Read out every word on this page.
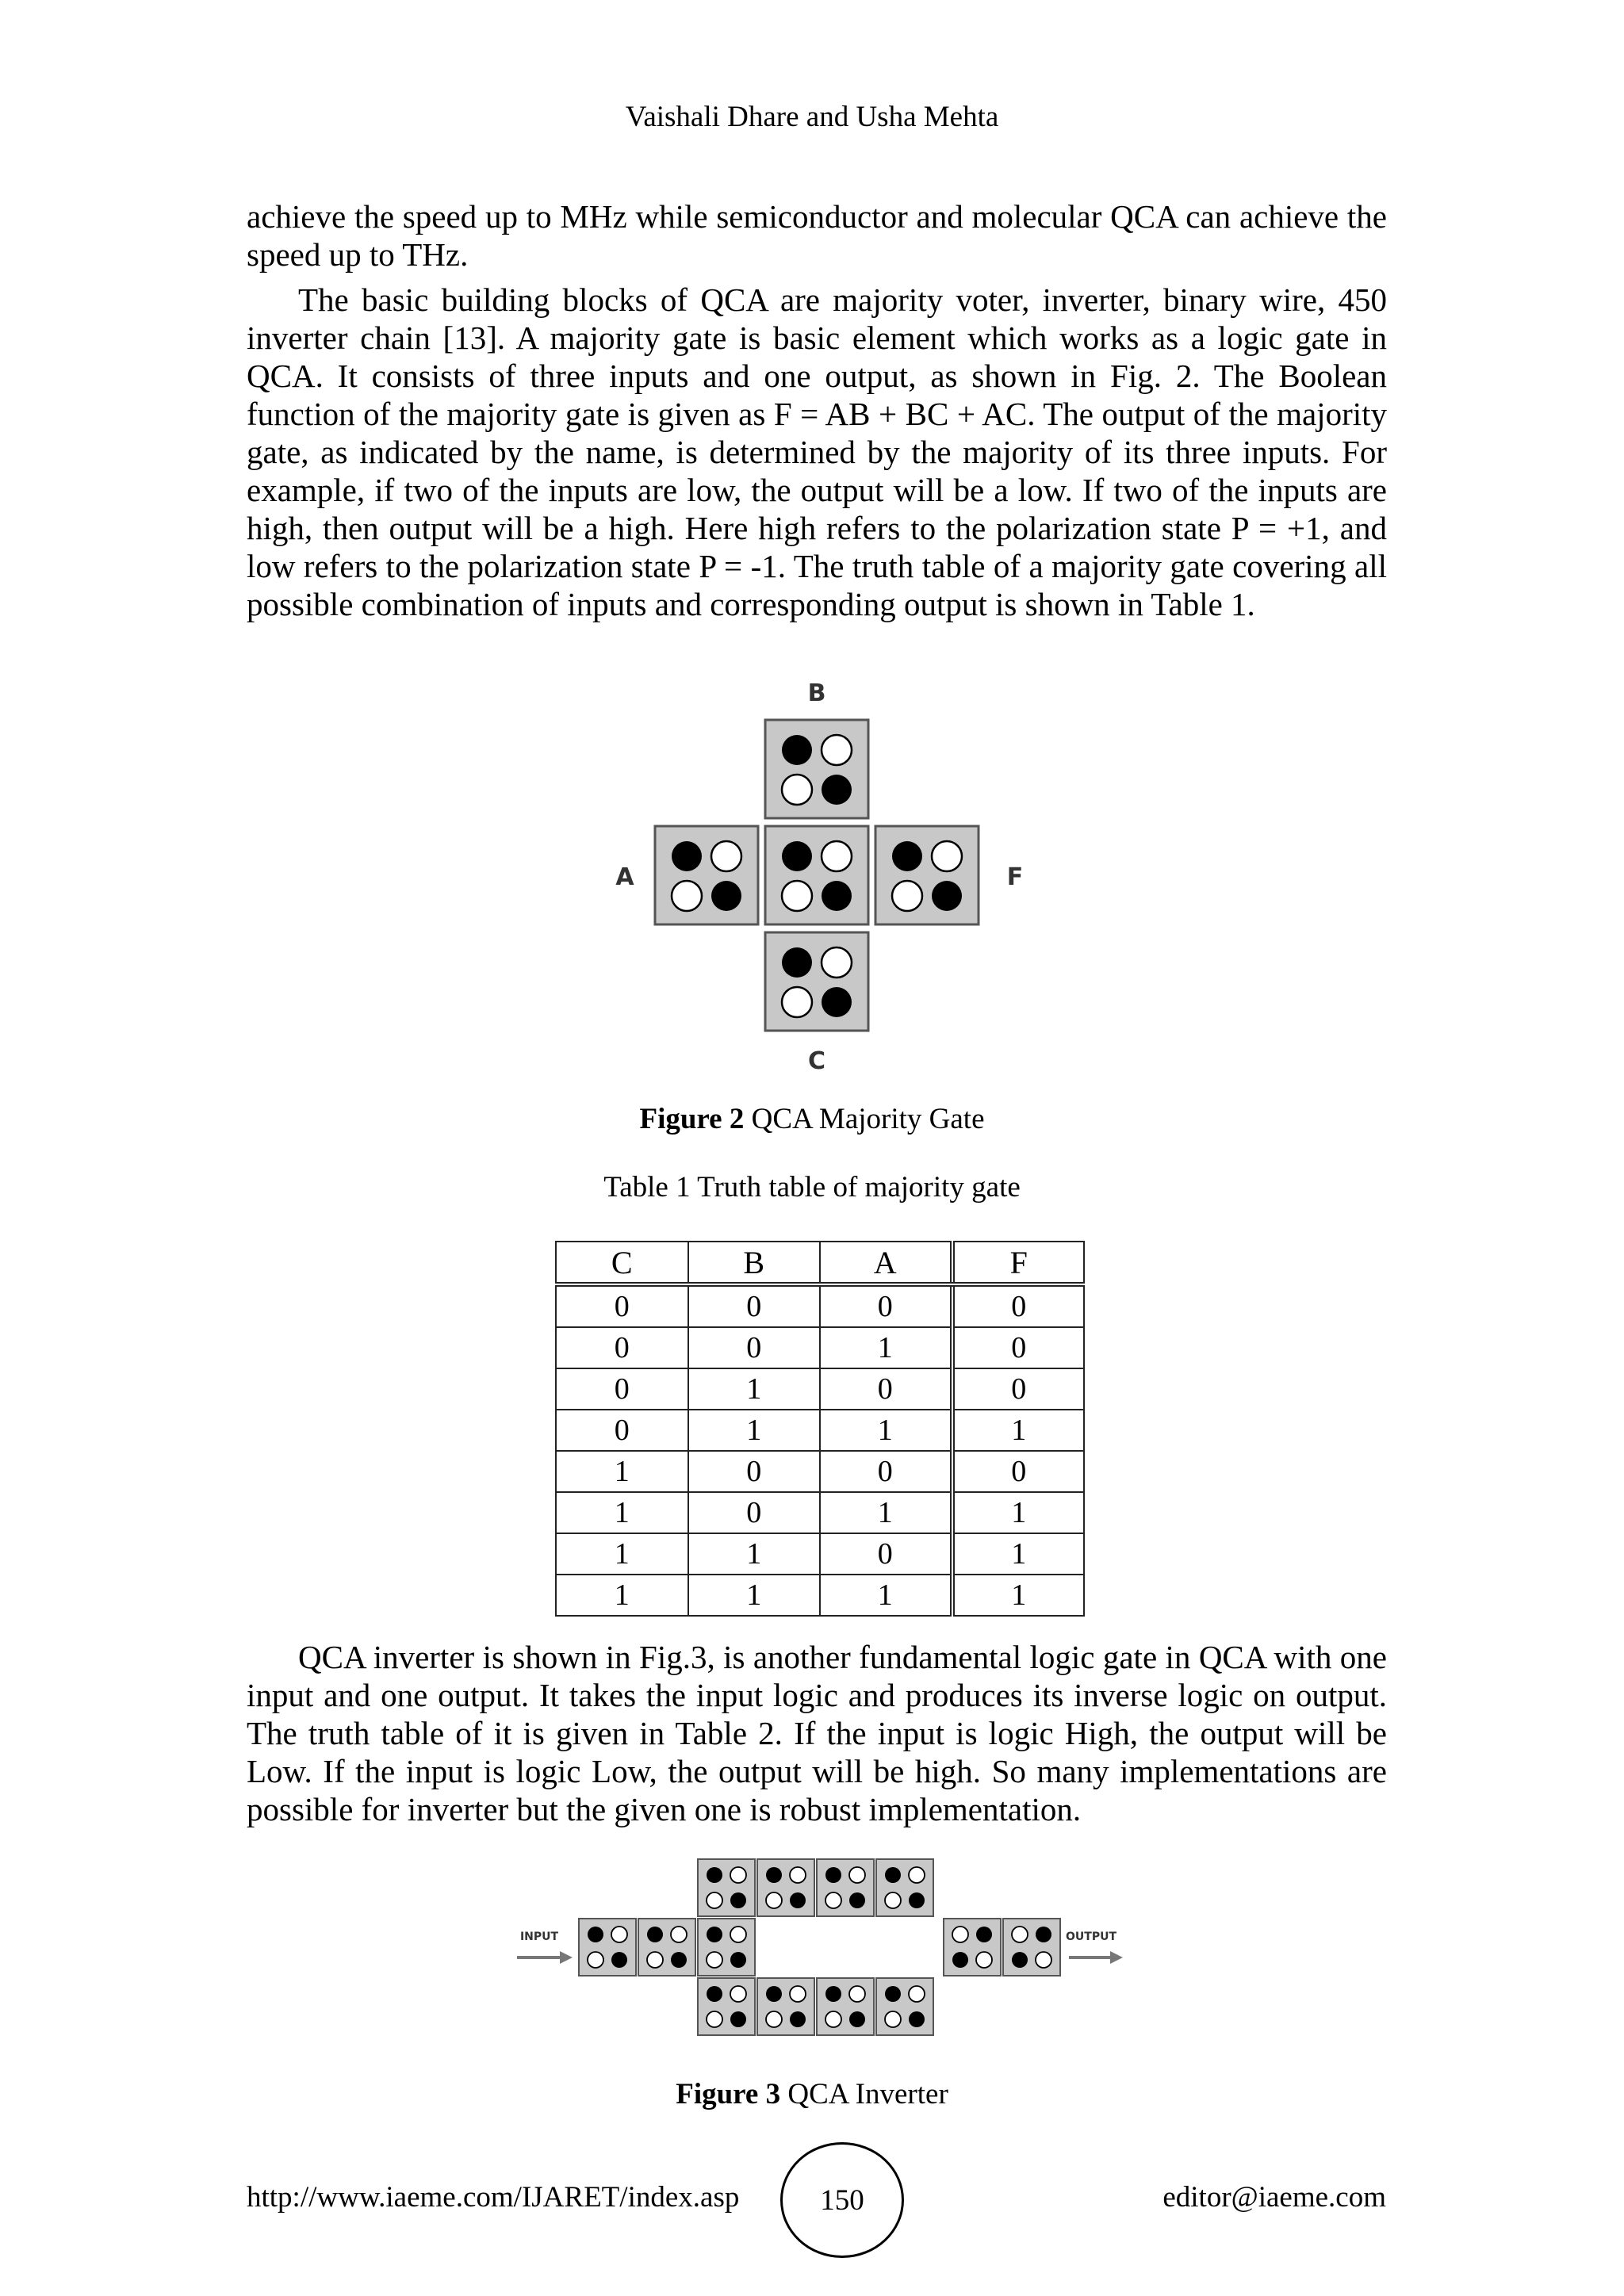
Vaishali Dhare and Usha Mehta

achieve the speed up to MHz while semiconductor and molecular QCA can achieve the speed up to THz.

The basic building blocks of QCA are majority voter, inverter, binary wire, 450 inverter chain [13]. A majority gate is basic element which works as a logic gate in QCA. It consists of three inputs and one output, as shown in Fig. 2. The Boolean function of the majority gate is given as F = AB + BC + AC. The output of the majority gate, as indicated by the name, is determined by the majority of its three inputs. For example, if two of the inputs are low, the output will be a low. If two of the inputs are high, then output will be a high. Here high refers to the polarization state P = +1, and low refers to the polarization state P = -1. The truth table of a majority gate covering all possible combination of inputs and corresponding output is shown in Table 1.

B
A	F
C
Figure 2 QCA Majority Gate
Table 1 Truth table of majority gate
C	B	A	F
0	0	0	0
0	0	1	0
0	1	0	0
0	1	1	1
1	0	0	0
1	0	1	1
1	1	0	1
1	1	1	1

QCA inverter is shown in Fig.3, is another fundamental logic gate in QCA with one input and one output. It takes the input logic and produces its inverse logic on output. The truth table of it is given in Table 2. If the input is logic High, the output will be Low. If the input is logic Low, the output will be high. So many implementations are possible for inverter but the given one is robust implementation.

INPUT	OUTPUT
Figure 3 QCA Inverter
http://www.iaeme.com/IJARET/index.asp	150	editor@iaeme.com
